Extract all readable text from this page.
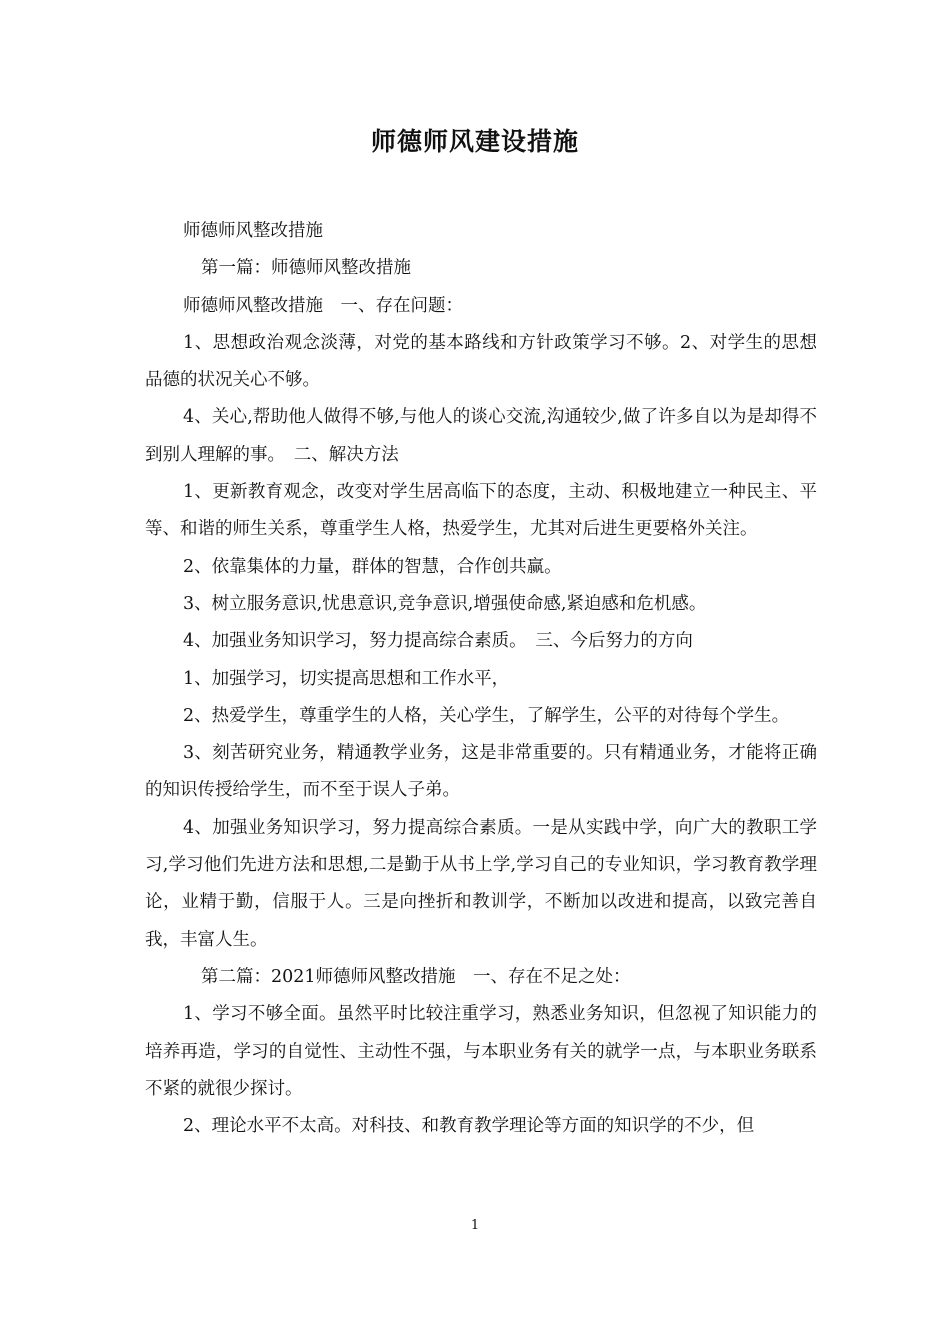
师德师风建设措施

师德师风整改措施

第一篇：师德师风整改措施

师德师风整改措施　一、存在问题：

1、思想政治观念淡薄，对党的基本路线和方针政策学习不够。2、对学生的思想品德的状况关心不够。

4、关心,帮助他人做得不够,与他人的谈心交流,沟通较少,做了许多自以为是却得不到别人理解的事。　二、解决方法

1、更新教育观念，改变对学生居高临下的态度，主动、积极地建立一种民主、平等、和谐的师生关系，尊重学生人格，热爱学生，尤其对后进生更要格外关注。

2、依靠集体的力量，群体的智慧，合作创共赢。

3、树立服务意识,忧患意识,竞争意识,增强使命感,紧迫感和危机感。

4、加强业务知识学习，努力提高综合素质。　三、今后努力的方向

1、加强学习，切实提高思想和工作水平，

2、热爱学生，尊重学生的人格，关心学生，了解学生，公平的对待每个学生。

3、刻苦研究业务，精通教学业务，这是非常重要的。只有精通业务，才能将正确的知识传授给学生，而不至于误人子弟。

4、加强业务知识学习，努力提高综合素质。一是从实践中学，向广大的教职工学习,学习他们先进方法和思想,二是勤于从书上学,学习自己的专业知识，学习教育教学理论，业精于勤，信服于人。三是向挫折和教训学，不断加以改进和提高，以致完善自我，丰富人生。

第二篇：2021师德师风整改措施　一、存在不足之处：

1、学习不够全面。虽然平时比较注重学习，熟悉业务知识，但忽视了知识能力的培养再造，学习的自觉性、主动性不强，与本职业务有关的就学一点，与本职业务联系不紧的就很少探讨。

2、理论水平不太高。对科技、和教育教学理论等方面的知识学的不少，但

1
